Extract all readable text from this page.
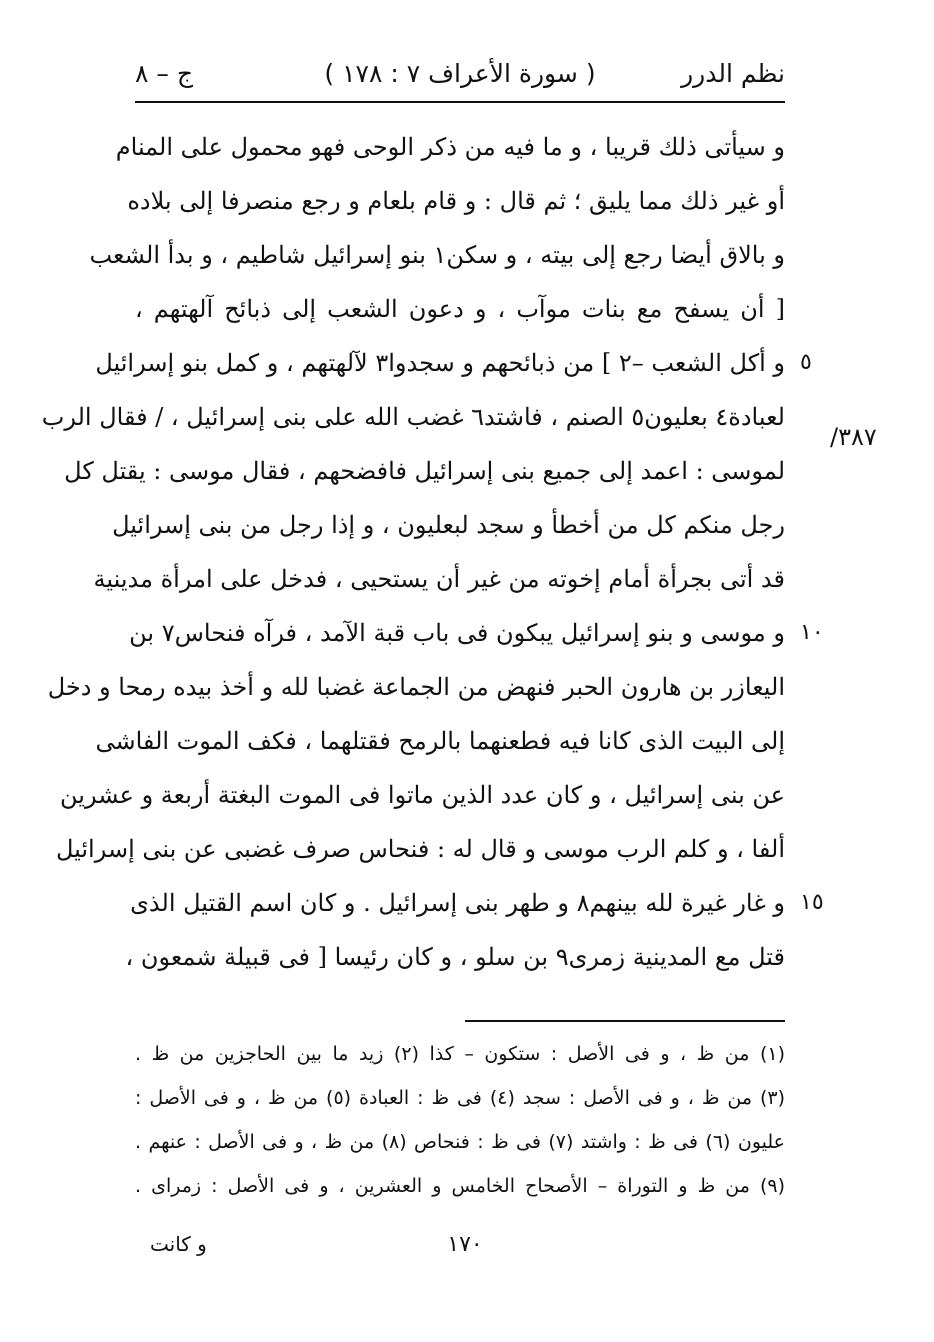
نظم الدرر
( سورة الأعراف ٧ : ١٧٨ )
ج – ٨
و سيأتى ذلك قريبا ، و ما فيه من ذكر الوحى فهو محمول على المنام
أو غير ذلك مما يليق ؛ ثم قال : و قام بلعام و رجع منصرفا إلى بلاده
و بالاق أيضا رجع إلى بيته ، و سكن١ بنو إسرائيل شاطيم ، و بدأ الشعب
[ أن يسفح مع بنات موآب ، و دعون الشعب إلى ذبائح آلهتهم ،
و أكل الشعب –٢ ] من ذبائحهم و سجدوا٣ لآلهتهم ، و كمل بنو إسرائيل
لعبادة٤ بعليون٥ الصنم ، فاشتد٦ غضب الله على بنى إسرائيل ، / فقال الرب
لموسى : اعمد إلى جميع بنى إسرائيل فافضحهم ، فقال موسى : يقتل كل
رجل منكم كل من أخطأ و سجد لبعليون ، و إذا رجل من بنى إسرائيل
قد أتى بجرأة أمام إخوته من غير أن يستحيى ، فدخل على امرأة مدينية
و موسى و بنو إسرائيل يبكون فى باب قبة الآمد ، فرآه فنحاس٧ بن
اليعازر بن هارون الحبر فنهض من الجماعة غضبا لله و أخذ بيده رمحا و دخل
إلى البيت الذى كانا فيه فطعنهما بالرمح فقتلهما ، فكف الموت الفاشى
عن بنى إسرائيل ، و كان عدد الذين ماتوا فى الموت البغتة أربعة و عشرين
ألفا ، و كلم الرب موسى و قال له : فنحاس صرف غضبى عن بنى إسرائيل
و غار غيرة لله بينهم٨ و طهر بنى إسرائيل . و كان اسم القتيل الذى
قتل مع المدينية زمرى٩ بن سلو ، و كان رئيسا [ فى قبيلة شمعون ،
٥
١٠
١٥
٣٨٧/
(١) من ظ ، و فى الأصل : ستكون – كذا (٢) زيد ما بين الحاجزين من ظ .
(٣) من ظ ، و فى الأصل : سجد (٤) فى ظ : العبادة (٥) من ظ ، و فى الأصل :
عليون (٦) فى ظ : واشتد (٧) فى ظ : فنحاص (٨) من ظ ، و فى الأصل : عنهم .
(٩) من ظ و التوراة – الأصحاح الخامس و العشرين ، و فى الأصل : زمراى .
١٧٠
و كانت
